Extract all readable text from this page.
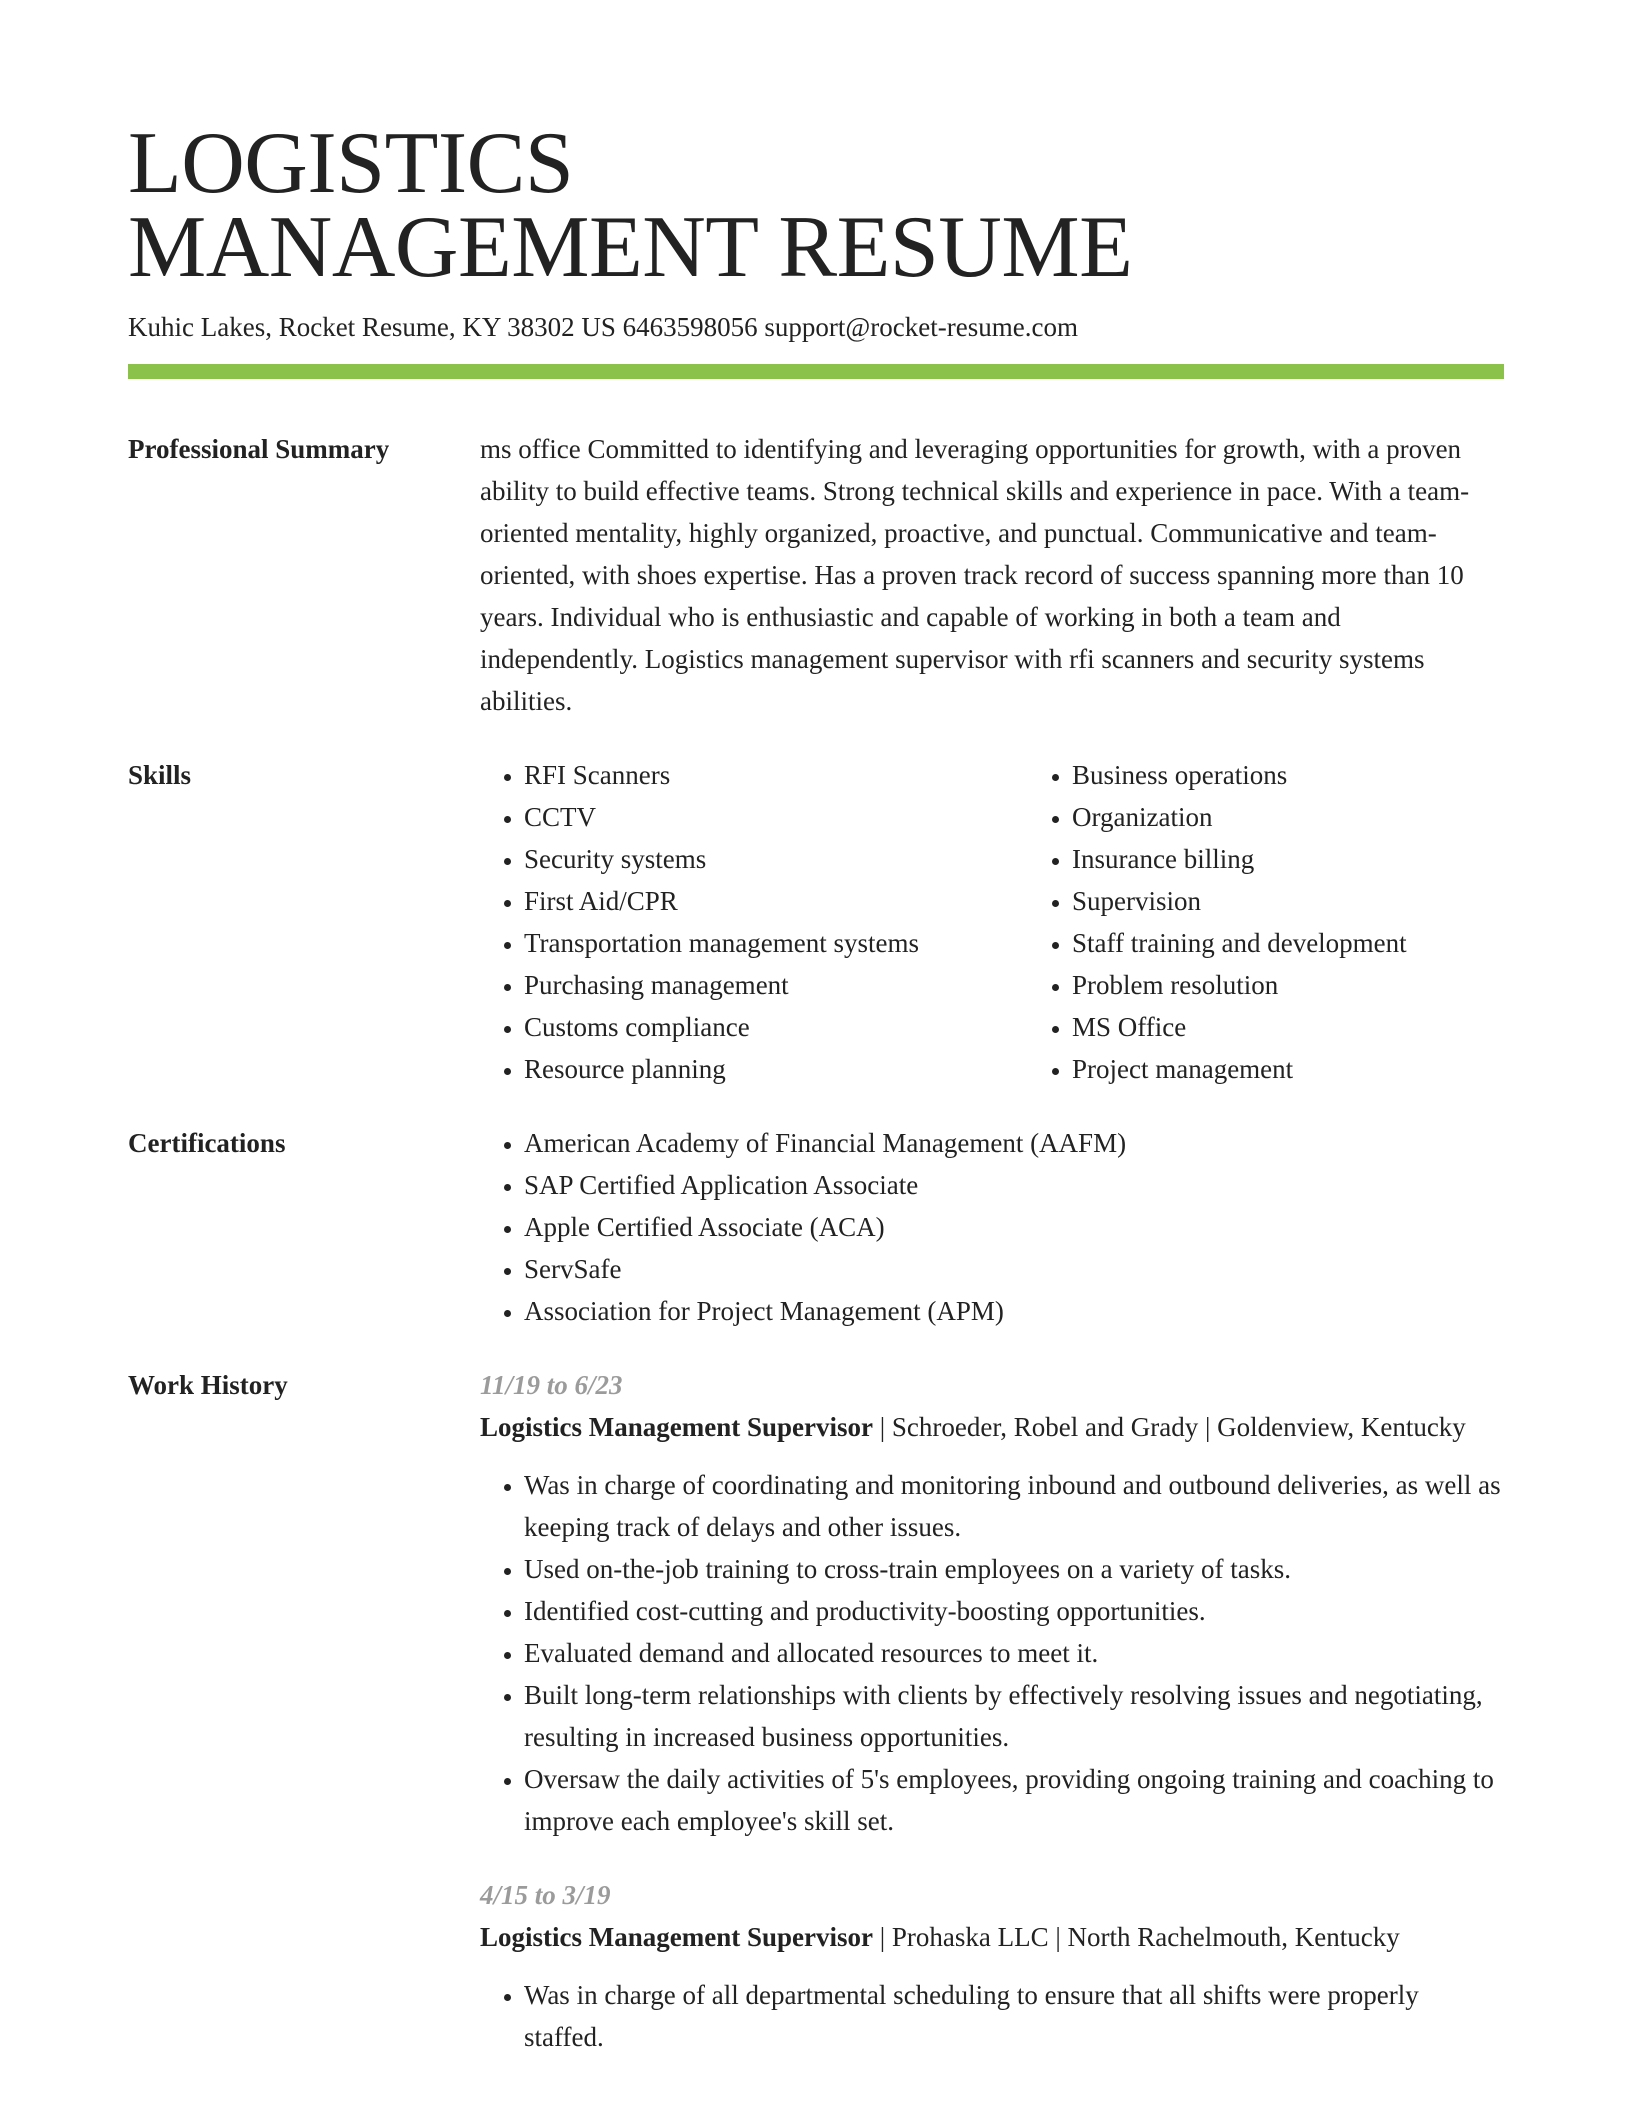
LOGISTICS
MANAGEMENT RESUME
Kuhic Lakes, Rocket Resume, KY 38302 US 6463598056 support@rocket-resume.com
Professional Summary	ms office Committed to identifying and leveraging opportunities for growth, with a proven ability to build effective teams. Strong technical skills and experience in pace. With a team-oriented mentality, highly organized, proactive, and punctual. Communicative and team-oriented, with shoes expertise. Has a proven track record of success spanning more than 10 years. Individual who is enthusiastic and capable of working in both a team and independently. Logistics management supervisor with rfi scanners and security systems abilities.
Skills	• RFI Scanners
• CCTV
• Security systems
• First Aid/CPR
• Transportation management systems
• Purchasing management
• Customs compliance
• Resource planning
• Business operations
• Organization
• Insurance billing
• Supervision
• Staff training and development
• Problem resolution
• MS Office
• Project management
Certifications	• American Academy of Financial Management (AAFM)
• SAP Certified Application Associate
• Apple Certified Associate (ACA)
• ServSafe
• Association for Project Management (APM)
Work History	11/19 to 6/23
Logistics Management Supervisor | Schroeder, Robel and Grady | Goldenview, Kentucky
• Was in charge of coordinating and monitoring inbound and outbound deliveries, as well as keeping track of delays and other issues.
• Used on-the-job training to cross-train employees on a variety of tasks.
• Identified cost-cutting and productivity-boosting opportunities.
• Evaluated demand and allocated resources to meet it.
• Built long-term relationships with clients by effectively resolving issues and negotiating, resulting in increased business opportunities.
• Oversaw the daily activities of 5's employees, providing ongoing training and coaching to improve each employee's skill set.
4/15 to 3/19
Logistics Management Supervisor | Prohaska LLC | North Rachelmouth, Kentucky
• Was in charge of all departmental scheduling to ensure that all shifts were properly staffed.
